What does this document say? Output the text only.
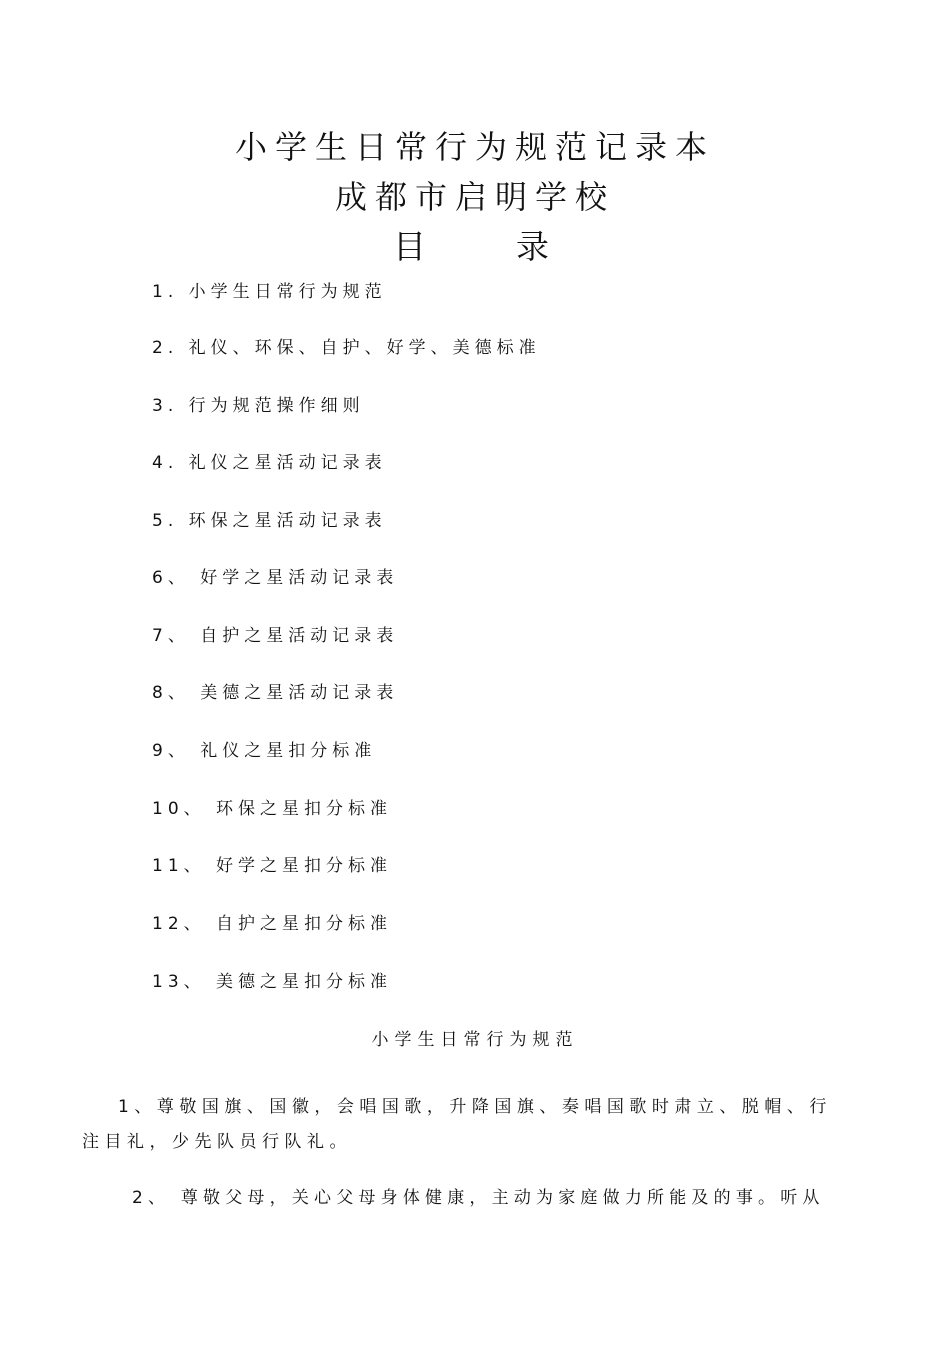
小学生日常行为规范记录本
成都市启明学校
目 录
1. 小学生日常行为规范
2. 礼仪、环保、自护、好学、美德标准
3. 行为规范操作细则
4. 礼仪之星活动记录表
5. 环保之星活动记录表
6、 好学之星活动记录表
7、 自护之星活动记录表
8、 美德之星活动记录表
9、 礼仪之星扣分标准
10、 环保之星扣分标准
11、 好学之星扣分标准
12、 自护之星扣分标准
13、 美德之星扣分标准
小学生日常行为规范
1、尊敬国旗、国徽，会唱国歌，升降国旗、奏唱国歌时肃立、脱帽、行
注目礼，少先队员行队礼。
2、 尊敬父母，关心父母身体健康，主动为家庭做力所能及的事。听从
